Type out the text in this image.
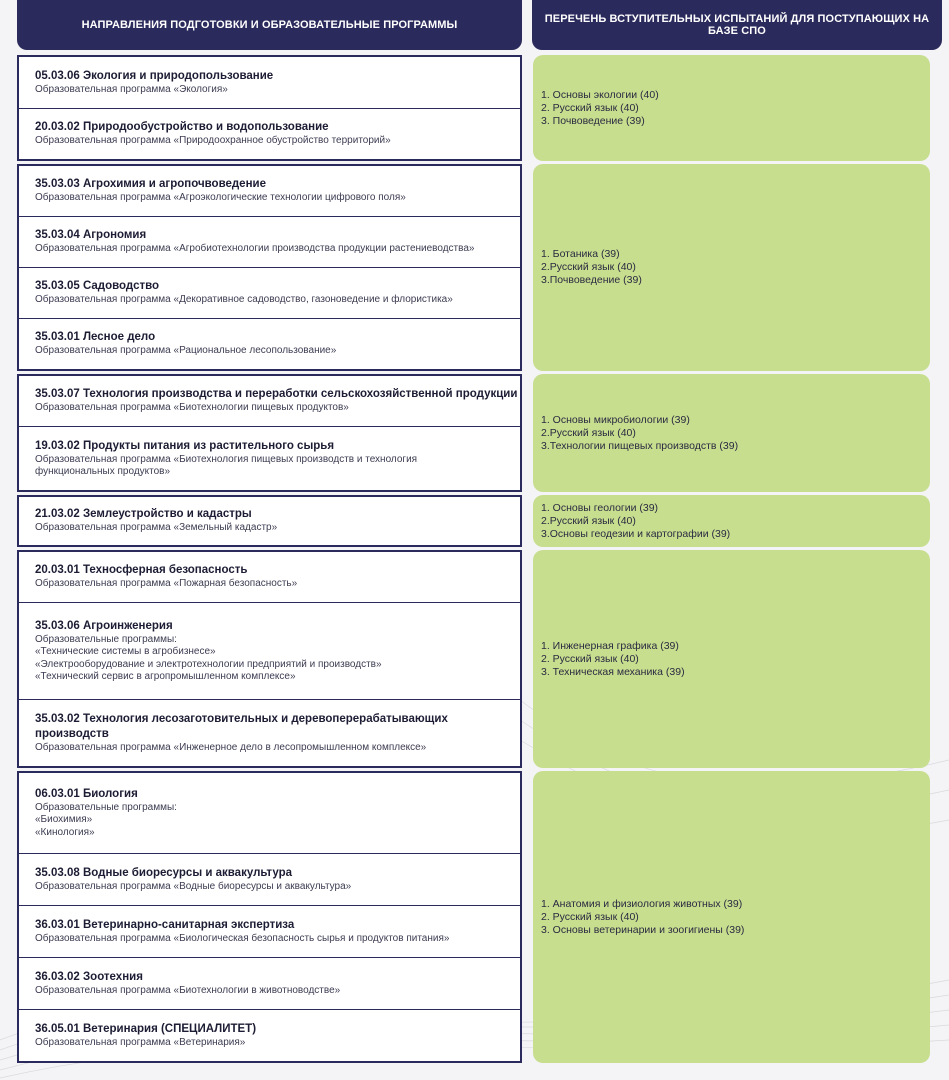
НАПРАВЛЕНИЯ ПОДГОТОВКИ И ОБРАЗОВАТЕЛЬНЫЕ ПРОГРАММЫ	ПЕРЕЧЕНЬ ВСТУПИТЕЛЬНЫХ ИСПЫТАНИЙ ДЛЯ ПОСТУПАЮЩИХ НА БАЗЕ СПО
05.03.06 Экология и природопользование
Образовательная программа «Экология»
20.03.02 Природообустройство и водопользование
Образовательная программа «Природоохранное обустройство территорий»
1. Основы экологии (40)
2. Русский язык (40)
3. Почвоведение (39)
35.03.03 Агрохимия и агропочвоведение
Образовательная программа «Агроэкологические технологии цифрового поля»
35.03.04 Агрономия
Образовательная программа «Агробиотехнологии производства продукции растениеводства»
35.03.05 Садоводство
Образовательная программа «Декоративное садоводство, газоноведение и флористика»
35.03.01 Лесное дело
Образовательная программа «Рациональное лесопользование»
1. Ботаника (39)
2.Русский язык (40)
3.Почвоведение (39)
35.03.07 Технология производства и переработки сельскохозяйственной продукции
Образовательная программа «Биотехнологии пищевых продуктов»
19.03.02 Продукты питания из растительного сырья
Образовательная программа «Биотехнология пищевых производств и технология
функциональных продуктов»
1. Основы микробиологии (39)
2.Русский язык (40)
3.Технологии пищевых производств (39)
21.03.02 Землеустройство и кадастры
Образовательная программа «Земельный кадастр»
1. Основы геологии (39)
2.Русский язык (40)
3.Основы геодезии и картографии (39)
20.03.01 Техносферная безопасность
Образовательная программа «Пожарная безопасность»
35.03.06 Агроинженерия
Образовательные программы:
«Технические системы в агробизнесе»
«Электрооборудование и электротехнологии предприятий и производств»
«Технический сервис в агропромышленном комплексе»
35.03.02 Технология лесозаготовительных и деревоперерабатывающих
производств
Образовательная программа «Инженерное дело в лесопромышленном комплексе»
1. Инженерная графика (39)
2. Русский язык (40)
3. Техническая механика (39)
06.03.01 Биология
Образовательные программы:
«Биохимия»
«Кинология»
35.03.08 Водные биоресурсы и аквакультура
Образовательная программа «Водные биоресурсы и аквакультура»
36.03.01 Ветеринарно-санитарная экспертиза
Образовательная программа «Биологическая безопасность сырья и продуктов питания»
36.03.02 Зоотехния
Образовательная программа «Биотехнологии в животноводстве»
36.05.01 Ветеринария (СПЕЦИАЛИТЕТ)
Образовательная программа «Ветеринария»
1. Анатомия и физиология животных (39)
2. Русский язык (40)
3. Основы ветеринарии и зоогигиены (39)
